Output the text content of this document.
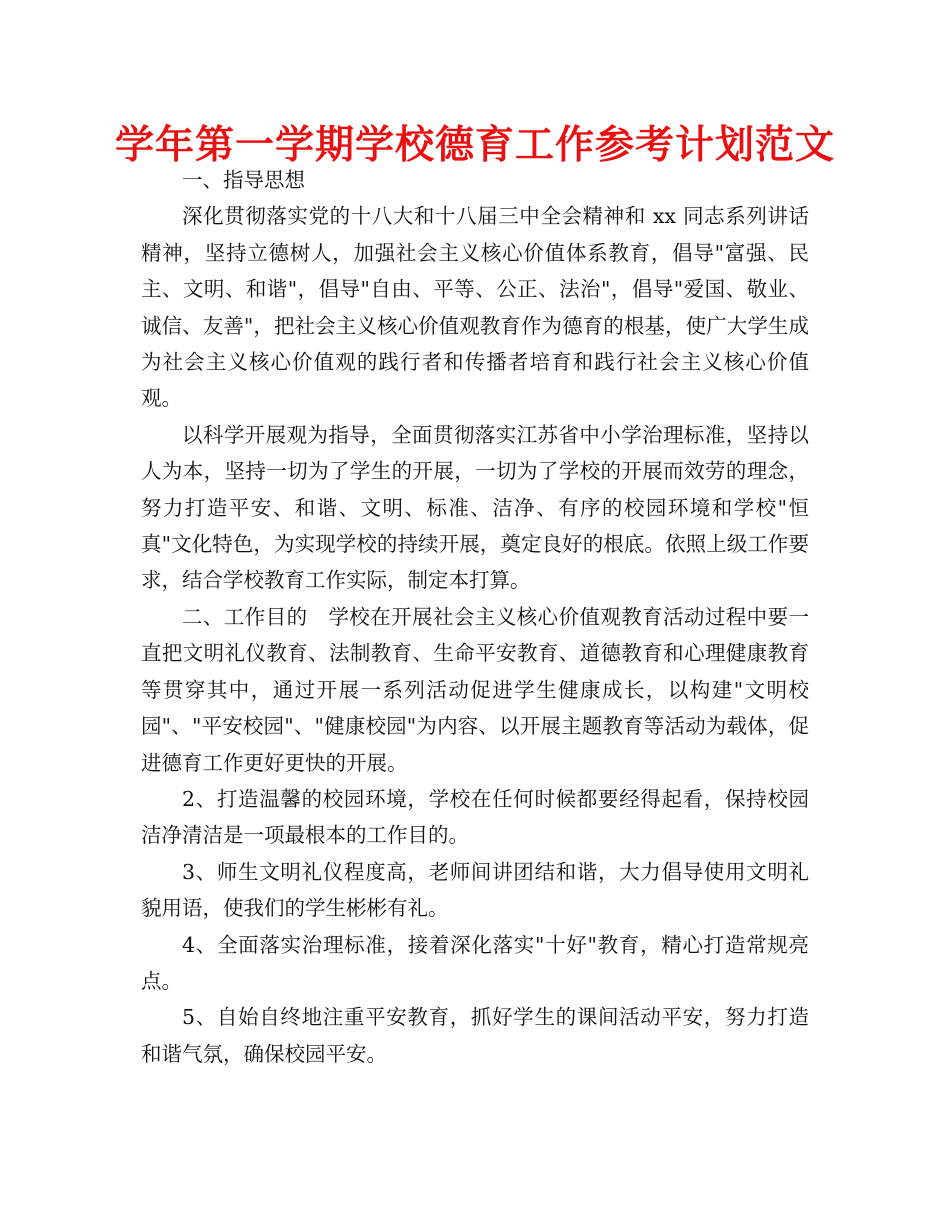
学年第一学期学校德育工作参考计划范文

一、指导思想

深化贯彻落实党的十八大和十八届三中全会精神和 xx 同志系列讲话精神，坚持立德树人，加强社会主义核心价值体系教育，倡导"富强、民主、文明、和谐"，倡导"自由、平等、公正、法治"，倡导"爱国、敬业、诚信、友善"，把社会主义核心价值观教育作为德育的根基，使广大学生成为社会主义核心价值观的践行者和传播者培育和践行社会主义核心价值观。

以科学开展观为指导，全面贯彻落实江苏省中小学治理标准，坚持以人为本，坚持一切为了学生的开展，一切为了学校的开展而效劳的理念，努力打造平安、和谐、文明、标准、洁净、有序的校园环境和学校"恒真"文化特色，为实现学校的持续开展，奠定良好的根底。依照上级工作要求，结合学校教育工作实际，制定本打算。

二、工作目的　学校在开展社会主义核心价值观教育活动过程中要一直把文明礼仪教育、法制教育、生命平安教育、道德教育和心理健康教育等贯穿其中，通过开展一系列活动促进学生健康成长，以构建"文明校园"、"平安校园"、"健康校园"为内容、以开展主题教育等活动为载体，促进德育工作更好更快的开展。

2、打造温馨的校园环境，学校在任何时候都要经得起看，保持校园洁净清洁是一项最根本的工作目的。

3、师生文明礼仪程度高，老师间讲团结和谐，大力倡导使用文明礼貌用语，使我们的学生彬彬有礼。

4、全面落实治理标准，接着深化落实"十好"教育，精心打造常规亮点。

5、自始自终地注重平安教育，抓好学生的课间活动平安，努力打造和谐气氛，确保校园平安。
